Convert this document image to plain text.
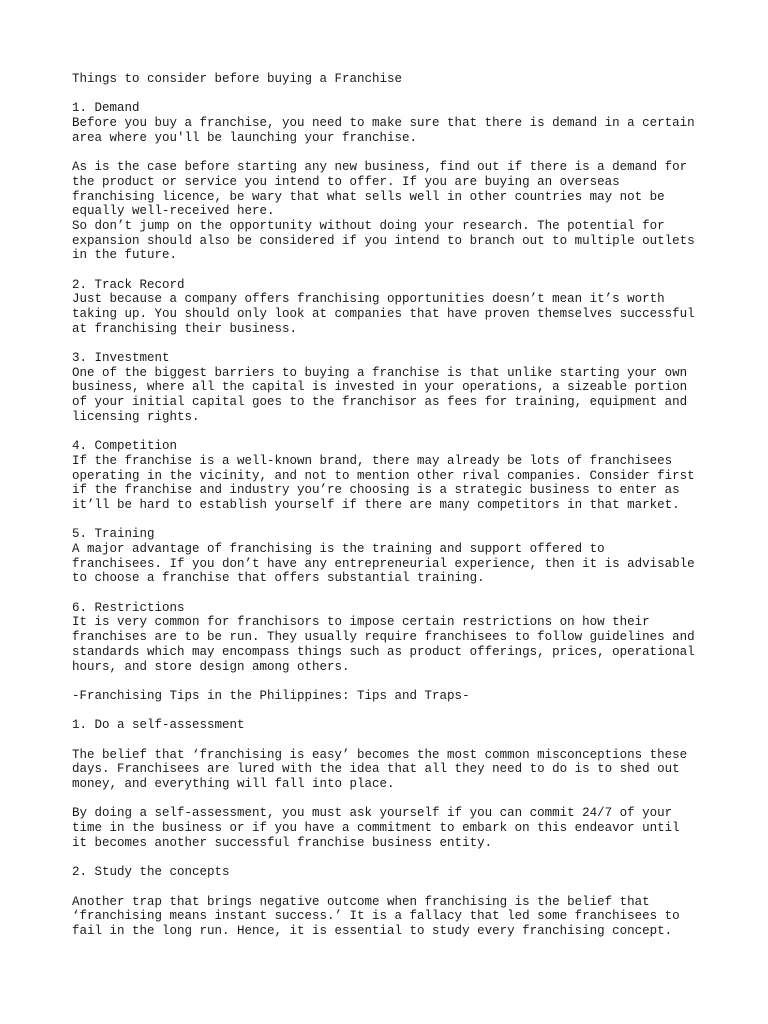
Things to consider before buying a Franchise
1. Demand
Before you buy a franchise, you need to make sure that there is demand in a certain
area where you'll be launching your franchise.
As is the case before starting any new business, find out if there is a demand for
the product or service you intend to offer. If you are buying an overseas
franchising licence, be wary that what sells well in other countries may not be
equally well-received here.
So don’t jump on the opportunity without doing your research. The potential for
expansion should also be considered if you intend to branch out to multiple outlets
in the future.
2. Track Record
Just because a company offers franchising opportunities doesn’t mean it’s worth
taking up. You should only look at companies that have proven themselves successful
at franchising their business.
3. Investment
One of the biggest barriers to buying a franchise is that unlike starting your own
business, where all the capital is invested in your operations, a sizeable portion
of your initial capital goes to the franchisor as fees for training, equipment and
licensing rights.
4. Competition
If the franchise is a well-known brand, there may already be lots of franchisees
operating in the vicinity, and not to mention other rival companies. Consider first
if the franchise and industry you’re choosing is a strategic business to enter as
it’ll be hard to establish yourself if there are many competitors in that market.
5. Training
A major advantage of franchising is the training and support offered to
franchisees. If you don’t have any entrepreneurial experience, then it is advisable
to choose a franchise that offers substantial training.
6. Restrictions
It is very common for franchisors to impose certain restrictions on how their
franchises are to be run. They usually require franchisees to follow guidelines and
standards which may encompass things such as product offerings, prices, operational
hours, and store design among others.
-Franchising Tips in the Philippines: Tips and Traps-
1. Do a self-assessment
The belief that ‘franchising is easy’ becomes the most common misconceptions these
days. Franchisees are lured with the idea that all they need to do is to shed out
money, and everything will fall into place.
By doing a self-assessment, you must ask yourself if you can commit 24/7 of your
time in the business or if you have a commitment to embark on this endeavor until
it becomes another successful franchise business entity.
2. Study the concepts
Another trap that brings negative outcome when franchising is the belief that
‘franchising means instant success.’ It is a fallacy that led some franchisees to
fail in the long run. Hence, it is essential to study every franchising concept.
